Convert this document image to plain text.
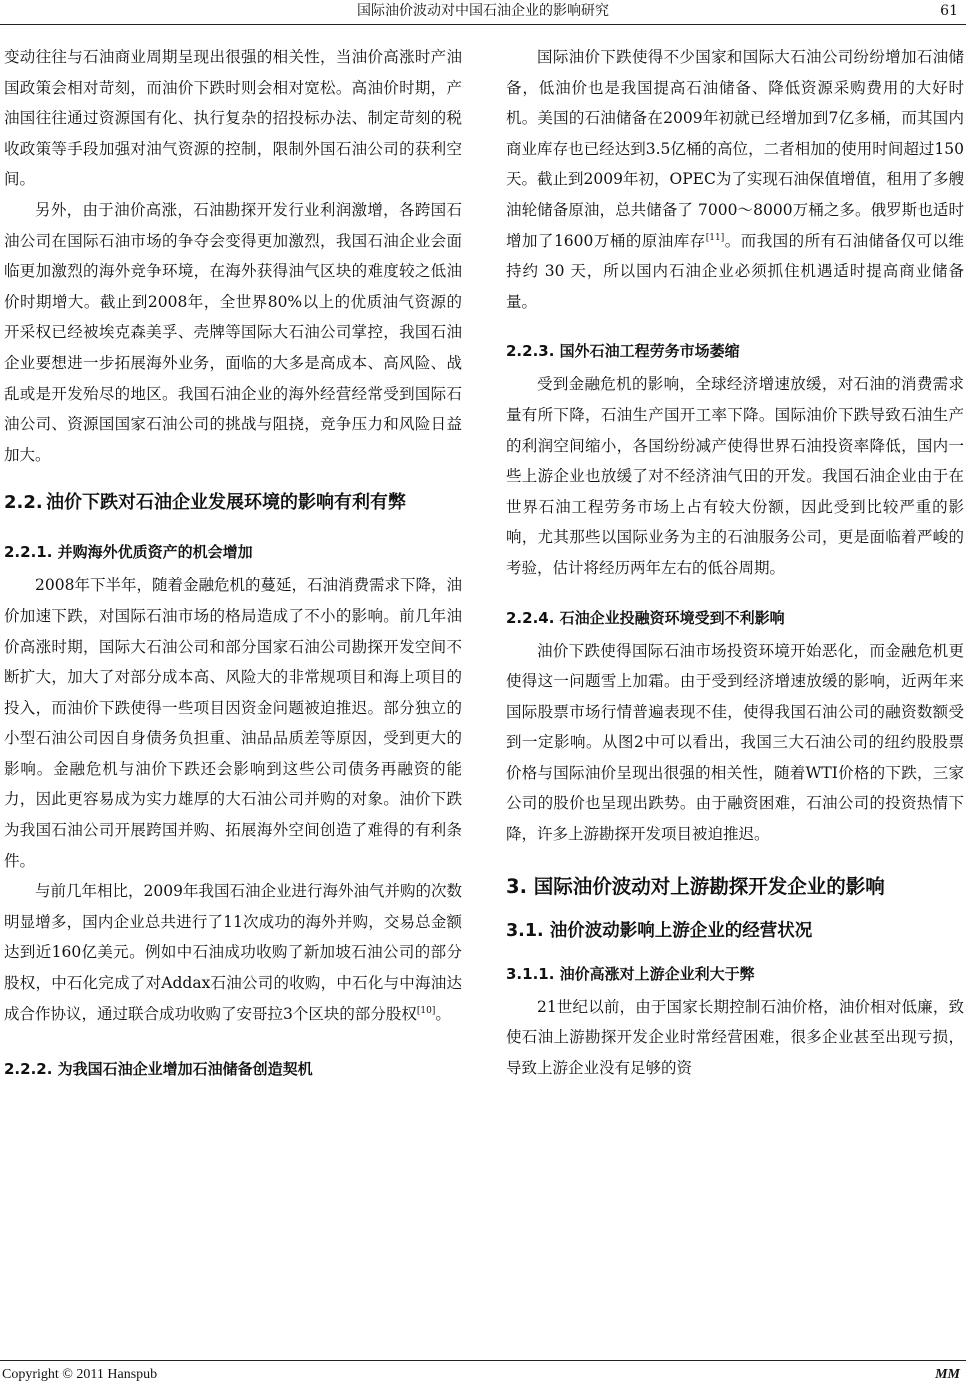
国际油价波动对中国石油企业的影响研究	61

变动往往与石油商业周期呈现出很强的相关性，当油价高涨时产油国政策会相对苛刻，而油价下跌时则会相对宽松。高油价时期，产油国往往通过资源国有化、执行复杂的招投标办法、制定苛刻的税收政策等手段加强对油气资源的控制，限制外国石油公司的获利空间。

另外，由于油价高涨，石油勘探开发行业利润激增，各跨国石油公司在国际石油市场的争夺会变得更加激烈，我国石油企业会面临更加激烈的海外竞争环境，在海外获得油气区块的难度较之低油价时期增大。截止到2008年，全世界80%以上的优质油气资源的开采权已经被埃克森美孚、壳牌等国际大石油公司掌控，我国石油企业要想进一步拓展海外业务，面临的大多是高成本、高风险、战乱或是开发殆尽的地区。我国石油企业的海外经营经常受到国际石油公司、资源国国家石油公司的挑战与阻挠，竞争压力和风险日益加大。

2.2. 油价下跌对石油企业发展环境的影响有利有弊
2.2.1. 并购海外优质资产的机会增加

2008年下半年，随着金融危机的蔓延，石油消费需求下降，油价加速下跌，对国际石油市场的格局造成了不小的影响。前几年油价高涨时期，国际大石油公司和部分国家石油公司勘探开发空间不断扩大，加大了对部分成本高、风险大的非常规项目和海上项目的投入，而油价下跌使得一些项目因资金问题被迫推迟。部分独立的小型石油公司因自身债务负担重、油品品质差等原因，受到更大的影响。金融危机与油价下跌还会影响到这些公司债务再融资的能力，因此更容易成为实力雄厚的大石油公司并购的对象。油价下跌为我国石油公司开展跨国并购、拓展海外空间创造了难得的有利条件。

与前几年相比，2009年我国石油企业进行海外油气并购的次数明显增多，国内企业总共进行了11次成功的海外并购，交易总金额达到近160亿美元。例如中石油成功收购了新加坡石油公司的部分股权，中石化完成了对Addax石油公司的收购，中石化与中海油达成合作协议，通过联合成功收购了安哥拉3个区块的部分股权[10]。

2.2.2. 为我国石油企业增加石油储备创造契机

国际油价下跌使得不少国家和国际大石油公司纷纷增加石油储备，低油价也是我国提高石油储备、降低资源采购费用的大好时机。美国的石油储备在2009年初就已经增加到7亿多桶，而其国内商业库存也已经达到3.5亿桶的高位，二者相加的使用时间超过150天。截止到2009年初，OPEC为了实现石油保值增值，租用了多艘油轮储备原油，总共储备了 7000～8000万桶之多。俄罗斯也适时增加了1600万桶的原油库存[11]。而我国的所有石油储备仅可以维持约 30 天，所以国内石油企业必须抓住机遇适时提高商业储备量。

2.2.3. 国外石油工程劳务市场萎缩

受到金融危机的影响，全球经济增速放缓，对石油的消费需求量有所下降，石油生产国开工率下降。国际油价下跌导致石油生产的利润空间缩小，各国纷纷减产使得世界石油投资率降低，国内一些上游企业也放缓了对不经济油气田的开发。我国石油企业由于在世界石油工程劳务市场上占有较大份额，因此受到比较严重的影响，尤其那些以国际业务为主的石油服务公司，更是面临着严峻的考验，估计将经历两年左右的低谷周期。

2.2.4. 石油企业投融资环境受到不利影响

油价下跌使得国际石油市场投资环境开始恶化，而金融危机更使得这一问题雪上加霜。由于受到经济增速放缓的影响，近两年来国际股票市场行情普遍表现不佳，使得我国石油公司的融资数额受到一定影响。从图2中可以看出，我国三大石油公司的纽约股股票价格与国际油价呈现出很强的相关性，随着WTI价格的下跌，三家公司的股价也呈现出跌势。由于融资困难，石油公司的投资热情下降，许多上游勘探开发项目被迫推迟。

3. 国际油价波动对上游勘探开发企业的影响
3.1. 油价波动影响上游企业的经营状况
3.1.1. 油价高涨对上游企业利大于弊

21世纪以前，由于国家长期控制石油价格，油价相对低廉，致使石油上游勘探开发企业时常经营困难，很多企业甚至出现亏损，导致上游企业没有足够的资

Copyright © 2011 Hanspub	MM
